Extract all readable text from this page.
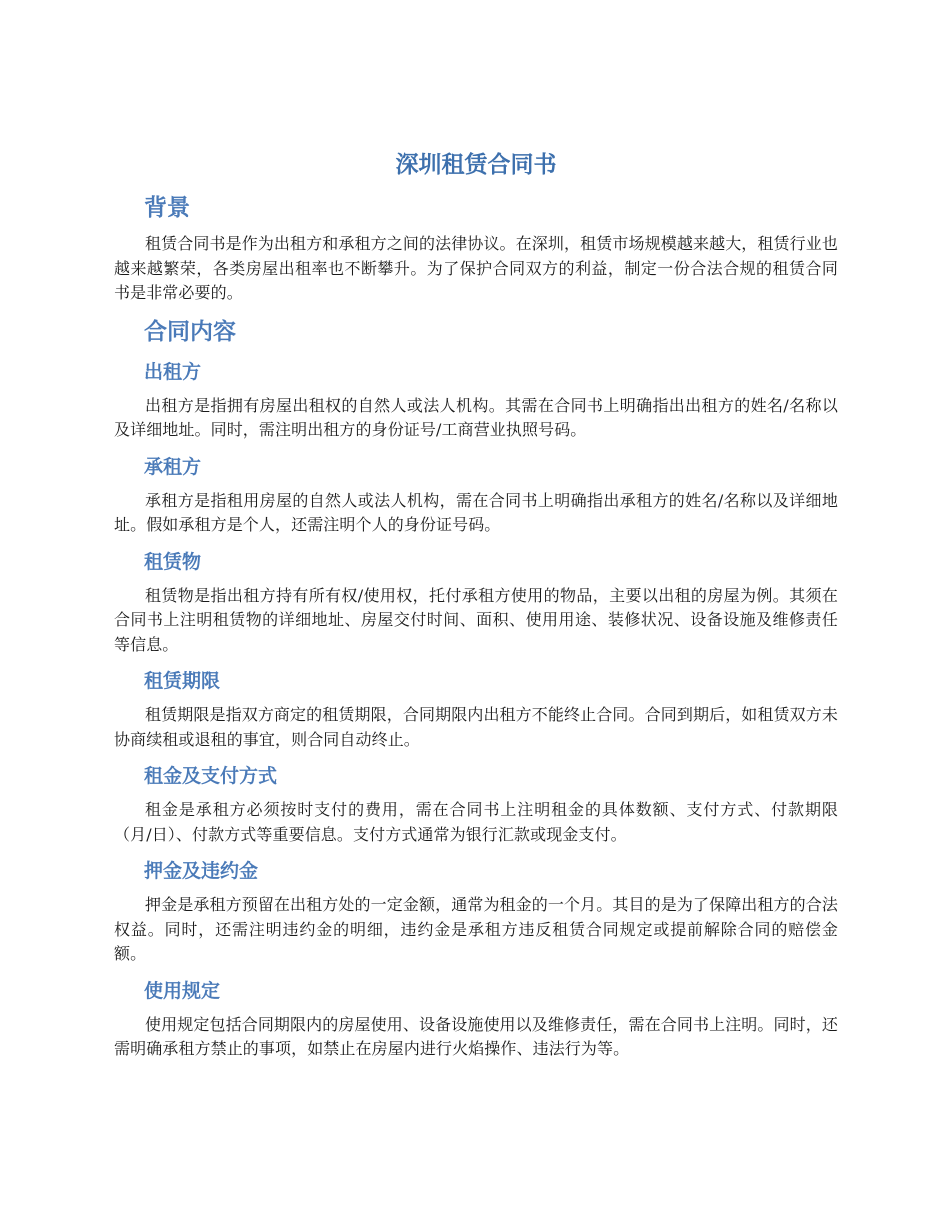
深圳租赁合同书
背景

租赁合同书是作为出租方和承租方之间的法律协议。在深圳，租赁市场规模越来越大，租赁行业也越来越繁荣，各类房屋出租率也不断攀升。为了保护合同双方的利益，制定一份合法合规的租赁合同书是非常必要的。

合同内容
出租方

出租方是指拥有房屋出租权的自然人或法人机构。其需在合同书上明确指出出租方的姓名/名称以及详细地址。同时，需注明出租方的身份证号/工商营业执照号码。

承租方

承租方是指租用房屋的自然人或法人机构，需在合同书上明确指出承租方的姓名/名称以及详细地址。假如承租方是个人，还需注明个人的身份证号码。

租赁物

租赁物是指出租方持有所有权/使用权，托付承租方使用的物品，主要以出租的房屋为例。其须在合同书上注明租赁物的详细地址、房屋交付时间、面积、使用用途、装修状况、设备设施及维修责任等信息。

租赁期限

租赁期限是指双方商定的租赁期限，合同期限内出租方不能终止合同。合同到期后，如租赁双方未协商续租或退租的事宜，则合同自动终止。

租金及支付方式

租金是承租方必须按时支付的费用，需在合同书上注明租金的具体数额、支付方式、付款期限（月/日）、付款方式等重要信息。支付方式通常为银行汇款或现金支付。

押金及违约金

押金是承租方预留在出租方处的一定金额，通常为租金的一个月。其目的是为了保障出租方的合法权益。同时，还需注明违约金的明细，违约金是承租方违反租赁合同规定或提前解除合同的赔偿金额。

使用规定

使用规定包括合同期限内的房屋使用、设备设施使用以及维修责任，需在合同书上注明。同时，还需明确承租方禁止的事项，如禁止在房屋内进行火焰操作、违法行为等。
